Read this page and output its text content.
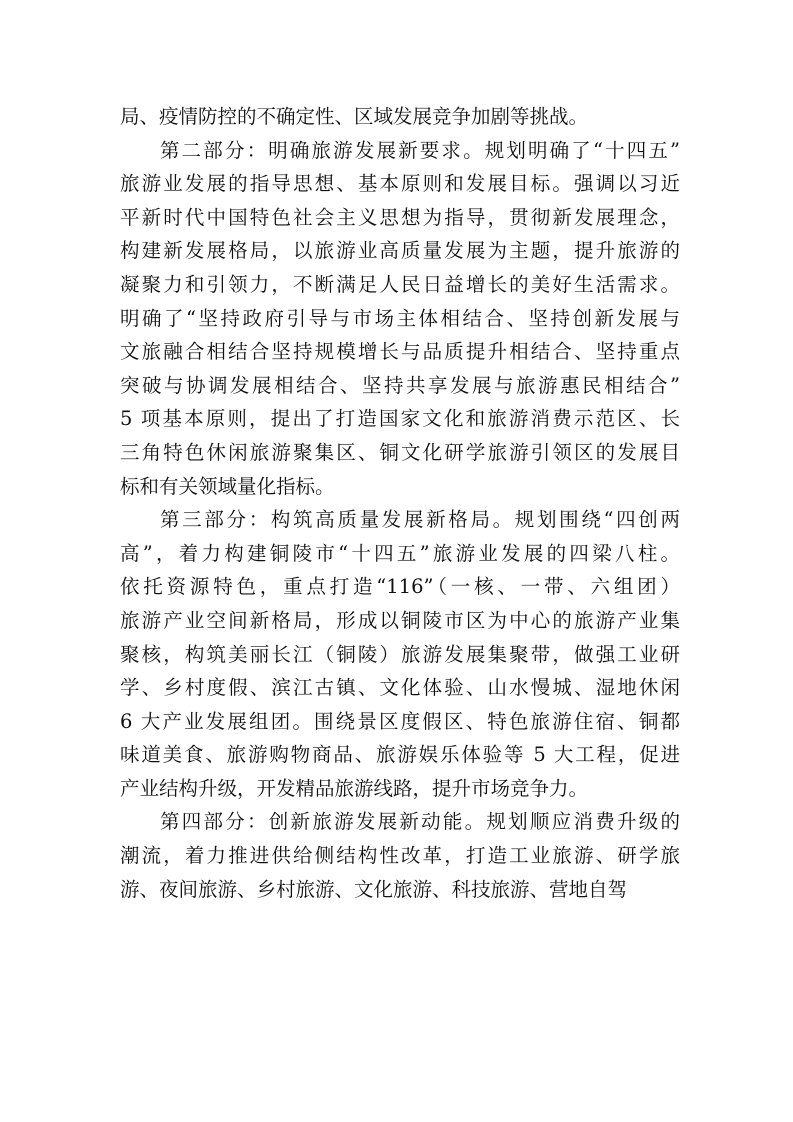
局、疫情防控的不确定性、区域发展竞争加剧等挑战。
第二部分：明确旅游发展新要求。规划明确了“十四五”
旅游业发展的指导思想、基本原则和发展目标。强调以习近
平新时代中国特色社会主义思想为指导，贯彻新发展理念，
构建新发展格局，以旅游业高质量发展为主题，提升旅游的
凝聚力和引领力，不断满足人民日益增长的美好生活需求。
明确了“坚持政府引导与市场主体相结合、坚持创新发展与
文旅融合相结合坚持规模增长与品质提升相结合、坚持重点
突破与协调发展相结合、坚持共享发展与旅游惠民相结合”
5 项基本原则，提出了打造国家文化和旅游消费示范区、长
三角特色休闲旅游聚集区、铜文化研学旅游引领区的发展目
标和有关领域量化指标。
第三部分：构筑高质量发展新格局。规划围绕“四创两
高”，着力构建铜陵市“十四五”旅游业发展的四梁八柱。
依托资源特色，重点打造“116”（一核、一带、六组团）
旅游产业空间新格局，形成以铜陵市区为中心的旅游产业集
聚核，构筑美丽长江（铜陵）旅游发展集聚带，做强工业研
学、乡村度假、滨江古镇、文化体验、山水慢城、湿地休闲
6 大产业发展组团。围绕景区度假区、特色旅游住宿、铜都
味道美食、旅游购物商品、旅游娱乐体验等 5 大工程，促进
产业结构升级，开发精品旅游线路，提升市场竞争力。
第四部分：创新旅游发展新动能。规划顺应消费升级的
潮流，着力推进供给侧结构性改革，打造工业旅游、研学旅
游、夜间旅游、乡村旅游、文化旅游、科技旅游、营地自驾
